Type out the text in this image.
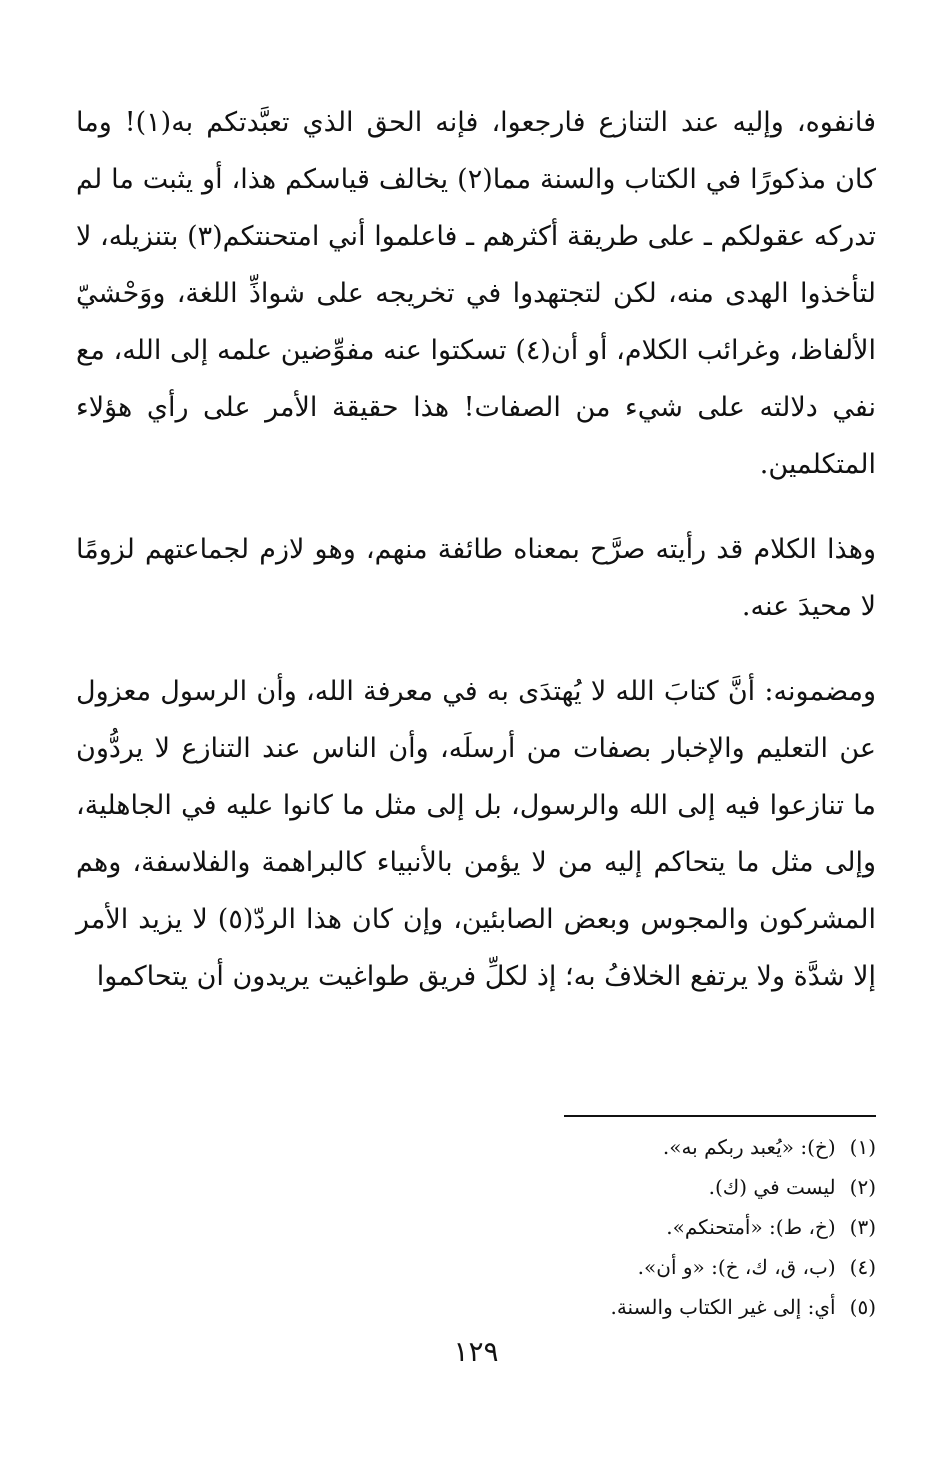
فانفوه، وإليه عند التنازع فارجعوا، فإنه الحق الذي تعبَّدتكم به(١)! وما كان مذكورًا في الكتاب والسنة مما(٢) يخالف قياسكم هذا، أو يثبت ما لم تدركه عقولكم ـ على طريقة أكثرهم ـ فاعلموا أني امتحنتكم(٣) بتنزيله، لا لتأخذوا الهدى منه، لكن لتجتهدوا في تخريجه على شواذِّ اللغة، ووَحْشيّ الألفاظ، وغرائب الكلام، أو أن(٤) تسكتوا عنه مفوِّضين علمه إلى الله، مع نفي دلالته على شيء من الصفات! هذا حقيقة الأمر على رأي هؤلاء المتكلمين.

وهذا الكلام قد رأيته صرَّح بمعناه طائفة منهم، وهو لازم لجماعتهم لزومًا لا محيدَ عنه.

ومضمونه: أنَّ كتابَ الله لا يُهتدَى به في معرفة الله، وأن الرسول معزول عن التعليم والإخبار بصفات من أرسلَه، وأن الناس عند التنازع لا يردُّون ما تنازعوا فيه إلى الله والرسول، بل إلى مثل ما كانوا عليه في الجاهلية، وإلى مثل ما يتحاكم إليه من لا يؤمن بالأنبياء كالبراهمة والفلاسفة، وهم المشركون والمجوس وبعض الصابئين، وإن كان هذا الردّ(٥) لا يزيد الأمر إلا شدَّة ولا يرتفع الخلافُ به؛ إذ لكلِّ فريق طواغيت يريدون أن يتحاكموا

(١)(خ): «يُعبد ربكم به».

(٢)ليست في (ك).

(٣)(خ، ط): «أمتحنكم».

(٤)(ب، ق، ك، خ): «و أن».

(٥)أي: إلى غير الكتاب والسنة.

١٢٩
